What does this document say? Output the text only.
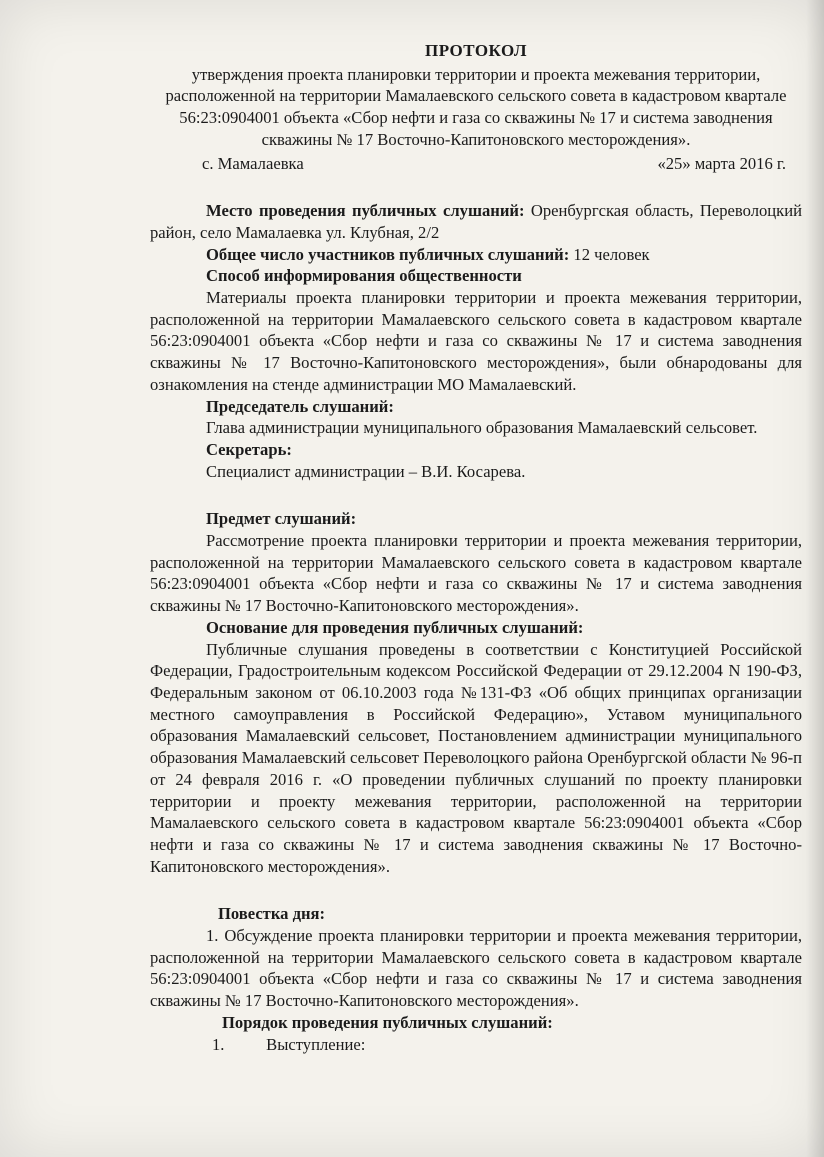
ПРОТОКОЛ

утверждения проекта планировки территории и проекта межевания территории, расположенной на территории Мамалаевского сельского совета в кадастровом квартале 56:23:0904001 объекта «Сбор нефти и газа со скважины № 17 и система заводнения скважины № 17 Восточно-Капитоновского месторождения».

с. Мамалаевка	«25» марта 2016 г.

Место проведения публичных слушаний: Оренбургская область, Переволоцкий район, село Мамалаевка ул. Клубная, 2/2

Общее число участников публичных слушаний: 12 человек

Способ информирования общественности

Материалы проекта планировки территории и проекта межевания территории, расположенной на территории Мамалаевского сельского совета в кадастровом квартале 56:23:0904001 объекта «Сбор нефти и газа со скважины № 17 и система заводнения скважины № 17 Восточно-Капитоновского месторождения», были обнародованы для ознакомления на стенде администрации МО Мамалаевский.

Председатель слушаний:

Глава администрации муниципального образования Мамалаевский сельсовет.

Секретарь:

Специалист администрации – В.И. Косарева.

Предмет слушаний:

Рассмотрение проекта планировки территории и проекта межевания территории, расположенной на территории Мамалаевского сельского совета в кадастровом квартале 56:23:0904001 объекта «Сбор нефти и газа со скважины № 17 и система заводнения скважины № 17 Восточно-Капитоновского месторождения».

Основание для проведения публичных слушаний:

Публичные слушания проведены в соответствии с Конституцией Российской Федерации, Градостроительным кодексом Российской Федерации от 29.12.2004 N 190-ФЗ, Федеральным законом от 06.10.2003 года №131-ФЗ «Об общих принципах организации местного самоуправления в Российской Федерацию», Уставом муниципального образования Мамалаевский сельсовет, Постановлением администрации муниципального образования Мамалаевский сельсовет Переволоцкого района Оренбургской области № 96-п от 24 февраля 2016 г. «О проведении публичных слушаний по проекту планировки территории и проекту межевания территории, расположенной на территории Мамалаевского сельского совета в кадастровом квартале 56:23:0904001 объекта «Сбор нефти и газа со скважины № 17 и система заводнения скважины № 17 Восточно-Капитоновского месторождения».

Повестка дня:

1. Обсуждение проекта планировки территории и проекта межевания территории, расположенной на территории Мамалаевского сельского совета в кадастровом квартале 56:23:0904001 объекта «Сбор нефти и газа со скважины № 17 и система заводнения скважины № 17 Восточно-Капитоновского месторождения».

Порядок проведения публичных слушаний:

1.	Выступление:
